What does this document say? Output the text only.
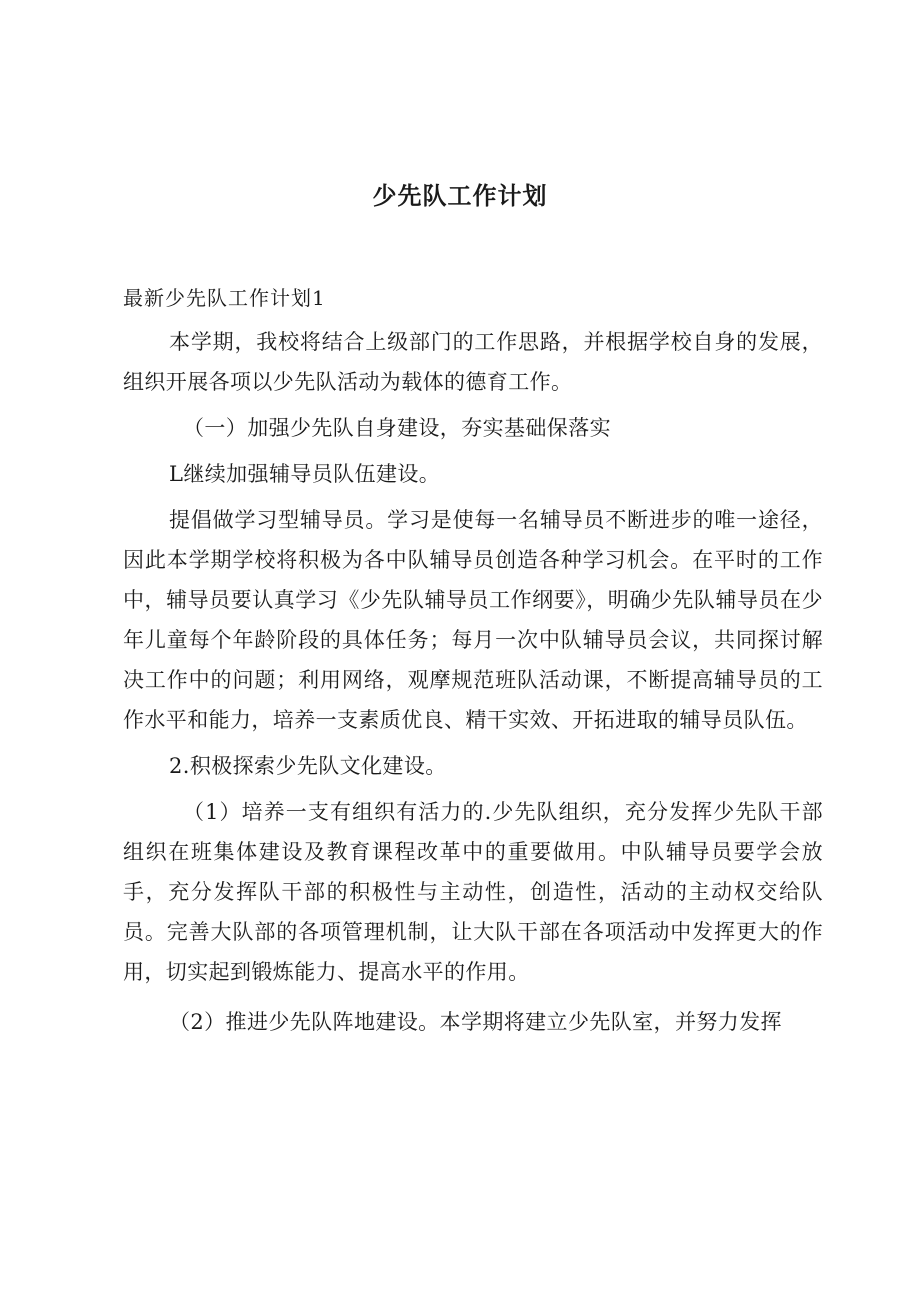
少先队工作计划

最新少先队工作计划1

本学期，我校将结合上级部门的工作思路，并根据学校自身的发展，组织开展各项以少先队活动为载体的德育工作。

（一）加强少先队自身建设，夯实基础保落实

L继续加强辅导员队伍建设。

提倡做学习型辅导员。学习是使每一名辅导员不断进步的唯一途径，因此本学期学校将积极为各中队辅导员创造各种学习机会。在平时的工作中，辅导员要认真学习《少先队辅导员工作纲要》，明确少先队辅导员在少年儿童每个年龄阶段的具体任务；每月一次中队辅导员会议，共同探讨解决工作中的问题；利用网络，观摩规范班队活动课，不断提高辅导员的工作水平和能力，培养一支素质优良、精干实效、开拓进取的辅导员队伍。

2.积极探索少先队文化建设。

（1）培养一支有组织有活力的.少先队组织，充分发挥少先队干部组织在班集体建设及教育课程改革中的重要做用。中队辅导员要学会放手，充分发挥队干部的积极性与主动性，创造性，活动的主动权交给队员。完善大队部的各项管理机制，让大队干部在各项活动中发挥更大的作用，切实起到锻炼能力、提高水平的作用。

（2）推进少先队阵地建设。本学期将建立少先队室，并努力发挥
